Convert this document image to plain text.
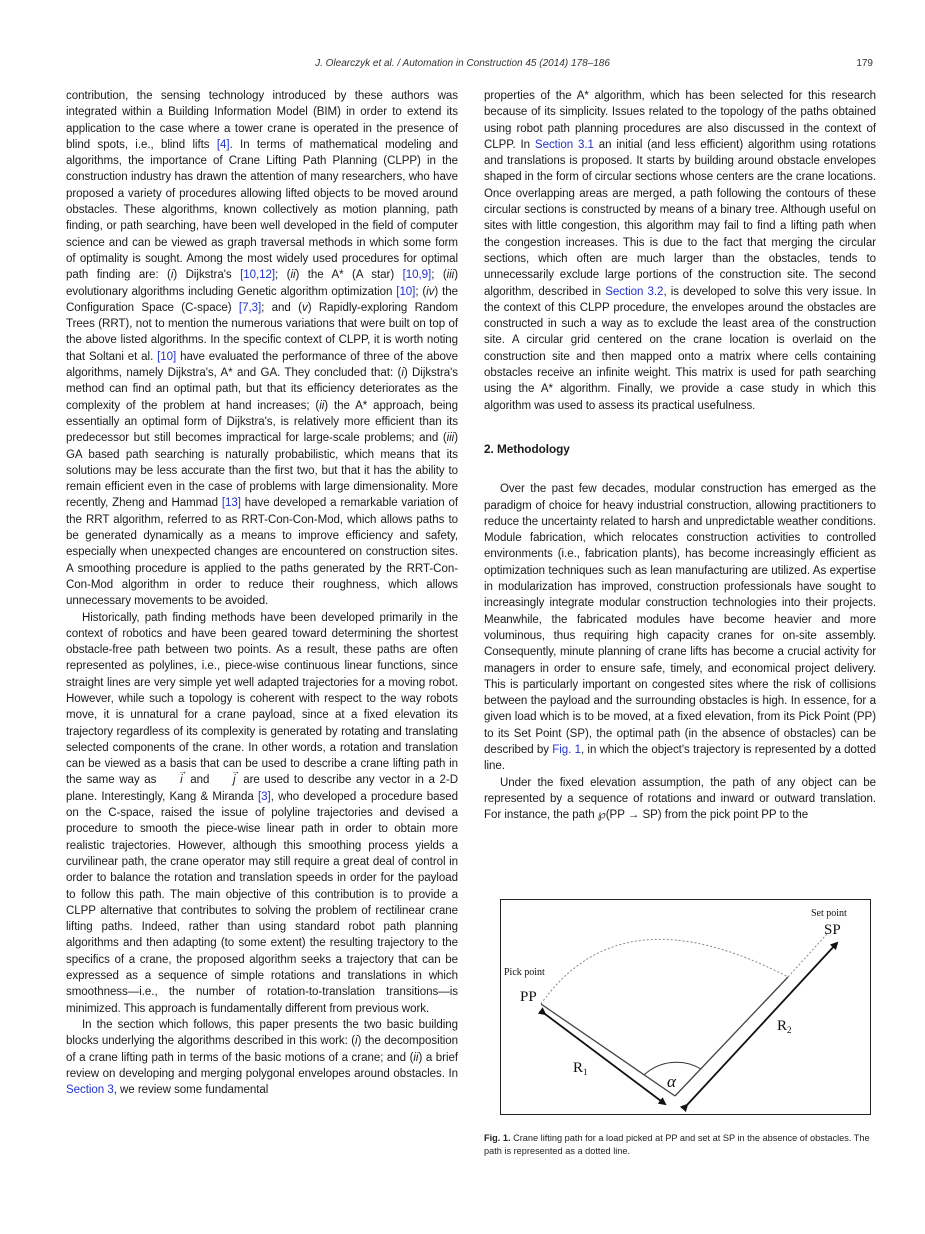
J. Olearczyk et al. / Automation in Construction 45 (2014) 178–186	179

contribution, the sensing technology introduced by these authors was integrated within a Building Information Model (BIM) in order to extend its application to the case where a tower crane is operated in the presence of blind spots, i.e., blind lifts [4]. In terms of mathematical modeling and algorithms, the importance of Crane Lifting Path Planning (CLPP) in the construction industry has drawn the attention of many researchers, who have proposed a variety of procedures allowing lifted objects to be moved around obstacles. These algorithms, known collectively as motion planning, path finding, or path searching, have been well developed in the field of computer science and can be viewed as graph traversal methods in which some form of optimality is sought. Among the most widely used procedures for optimal path finding are: (i) Dijkstra's [10,12]; (ii) the A* (A star) [10,9]; (iii) evolutionary algorithms including Genetic algorithm optimization [10]; (iv) the Configuration Space (C-space) [7,3]; and (v) Rapidly-exploring Random Trees (RRT), not to mention the numerous variations that were built on top of the above listed algorithms. In the specific context of CLPP, it is worth noting that Soltani et al. [10] have evaluated the performance of three of the above algorithms, namely Dijkstra's, A* and GA. They concluded that: (i) Dijkstra's method can find an optimal path, but that its efficiency deteriorates as the complexity of the problem at hand increases; (ii) the A* approach, being essentially an optimal form of Dijkstra's, is relatively more efficient than its predecessor but still becomes impractical for large-scale problems; and (iii) GA based path searching is naturally probabilistic, which means that its solutions may be less accurate than the first two, but that it has the ability to remain efficient even in the case of problems with large dimensionality. More recently, Zheng and Hammad [13] have developed a remarkable variation of the RRT algorithm, referred to as RRT-Con-Con-Mod, which allows paths to be generated dynamically as a means to improve efficiency and safety, especially when unexpected changes are encountered on construction sites. A smoothing procedure is applied to the paths generated by the RRT-Con-Con-Mod algorithm in order to reduce their roughness, which allows unnecessary movements to be avoided.

Historically, path finding methods have been developed primarily in the context of robotics and have been geared toward determining the shortest obstacle-free path between two points. As a result, these paths are often represented as polylines, i.e., piece-wise continuous linear functions, since straight lines are very simple yet well adapted trajectories for a moving robot. However, while such a topology is coherent with respect to the way robots move, it is unnatural for a crane payload, since at a fixed elevation its trajectory regardless of its complexity is generated by rotating and translating selected components of the crane. In other words, a rotation and translation can be viewed as a basis that can be used to describe a crane lifting path in the same way as → i and → j are used to describe any vector in a 2-D plane. Interestingly, Kang & Miranda [3], who developed a procedure based on the C-space, raised the issue of polyline trajectories and devised a procedure to smooth the piece-wise linear path in order to obtain more realistic trajectories. However, although this smoothing process yields a curvilinear path, the crane operator may still require a great deal of control in order to balance the rotation and translation speeds in order for the payload to follow this path. The main objective of this contribution is to provide a CLPP alternative that contributes to solving the problem of rectilinear crane lifting paths. Indeed, rather than using standard robot path planning algorithms and then adapting (to some extent) the resulting trajectory to the specifics of a crane, the proposed algorithm seeks a trajectory that can be expressed as a sequence of simple rotations and translations in which smoothness—i.e., the number of rotation-to-translation transitions—is minimized. This approach is fundamentally different from previous work.

In the section which follows, this paper presents the two basic building blocks underlying the algorithms described in this work: (i) the decomposition of a crane lifting path in terms of the basic motions of a crane; and (ii) a brief review on developing and merging polygonal envelopes around obstacles. In Section 3, we review some fundamental

properties of the A* algorithm, which has been selected for this research because of its simplicity. Issues related to the topology of the paths obtained using robot path planning procedures are also discussed in the context of CLPP. In Section 3.1 an initial (and less efficient) algorithm using rotations and translations is proposed. It starts by building around obstacle envelopes shaped in the form of circular sections whose centers are the crane locations. Once overlapping areas are merged, a path following the contours of these circular sections is constructed by means of a binary tree. Although useful on sites with little congestion, this algorithm may fail to find a lifting path when the congestion increases. This is due to the fact that merging the circular sections, which often are much larger than the obstacles, tends to unnecessarily exclude large portions of the construction site. The second algorithm, described in Section 3.2, is developed to solve this very issue. In the context of this CLPP procedure, the envelopes around the obstacles are constructed in such a way as to exclude the least area of the construction site. A circular grid centered on the crane location is overlaid on the construction site and then mapped onto a matrix where cells containing obstacles receive an infinite weight. This matrix is used for path searching using the A* algorithm. Finally, we provide a case study in which this algorithm was used to assess its practical usefulness.

2. Methodology

Over the past few decades, modular construction has emerged as the paradigm of choice for heavy industrial construction, allowing practitioners to reduce the uncertainty related to harsh and unpredictable weather conditions. Module fabrication, which relocates construction activities to controlled environments (i.e., fabrication plants), has become increasingly efficient as optimization techniques such as lean manufacturing are utilized. As expertise in modularization has improved, construction professionals have sought to increasingly integrate modular construction technologies into their projects. Meanwhile, the fabricated modules have become heavier and more voluminous, thus requiring high capacity cranes for on-site assembly. Consequently, minute planning of crane lifts has become a crucial activity for managers in order to ensure safe, timely, and economical project delivery. This is particularly important on congested sites where the risk of collisions between the payload and the surrounding obstacles is high. In essence, for a given load which is to be moved, at a fixed elevation, from its Pick Point (PP) to its Set Point (SP), the optimal path (in the absence of obstacles) can be described by Fig. 1, in which the object's trajectory is represented by a dotted line.

Under the fixed elevation assumption, the path of any object can be represented by a sequence of rotations and inward or outward translation. For instance, the path ℘(PP → SP) from the pick point PP to the

Pick point
PP
Set point
SP
$R_1$
$R_2$
α
Fig. 1. Crane lifting path for a load picked at PP and set at SP in the absence of obstacles. The path is represented as a dotted line.
